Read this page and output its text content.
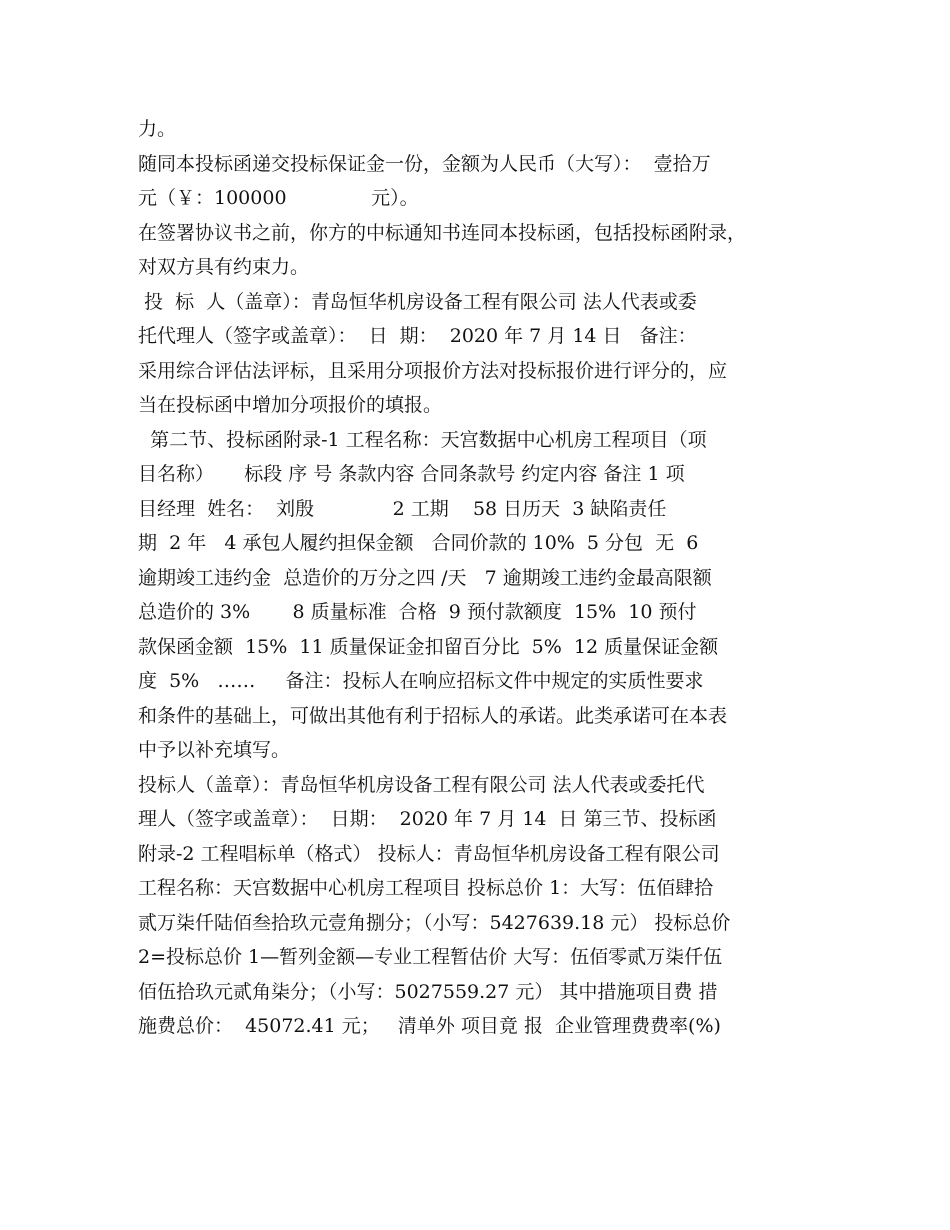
力。
随同本投标函递交投标保证金一份，金额为人民币（大写）：  壹拾万
元（￥：100000              元）。
在签署协议书之前，你方的中标通知书连同本投标函，包括投标函附录，
对双方具有约束力。
投  标  人（盖章）：青岛恒华机房设备工程有限公司 法人代表或委
托代理人（签字或盖章）：  日  期：  2020 年 7 月 14 日   备注：
采用综合评估法评标，且采用分项报价方法对投标报价进行评分的，应
当在投标函中增加分项报价的填报。
第二节、投标函附录-1 工程名称：天宫数据中心机房工程项目（项
目名称）     标段 序 号 条款内容 合同条款号 约定内容 备注 1 项
目经理  姓名：  刘殷             2 工期    58 日历天  3 缺陷责任
期  2 年   4 承包人履约担保金额   合同价款的 10%  5 分包  无  6
逾期竣工违约金  总造价的万分之四 /天   7 逾期竣工违约金最高限额
总造价的 3%       8 质量标准  合格  9 预付款额度  15%  10 预付
款保函金额  15%  11 质量保证金扣留百分比  5%  12 质量保证金额
度  5%   ……     备注：投标人在响应招标文件中规定的实质性要求
和条件的基础上，可做出其他有利于招标人的承诺。此类承诺可在本表
中予以补充填写。
投标人（盖章）：青岛恒华机房设备工程有限公司 法人代表或委托代
理人（签字或盖章）：  日期：  2020 年 7 月 14  日 第三节、投标函
附录-2 工程唱标单（格式） 投标人：青岛恒华机房设备工程有限公司
工程名称：天宫数据中心机房工程项目 投标总价 1：大写：伍佰肆拾
贰万柒仟陆佰叁拾玖元壹角捌分；（小写：5427639.18 元） 投标总价
2=投标总价 1—暂列金额—专业工程暂估价 大写：伍佰零贰万柒仟伍
佰伍拾玖元贰角柒分；（小写：5027559.27 元） 其中措施项目费 措
施费总价：  45072.41 元；   清单外 项目竟 报  企业管理费费率(%)
